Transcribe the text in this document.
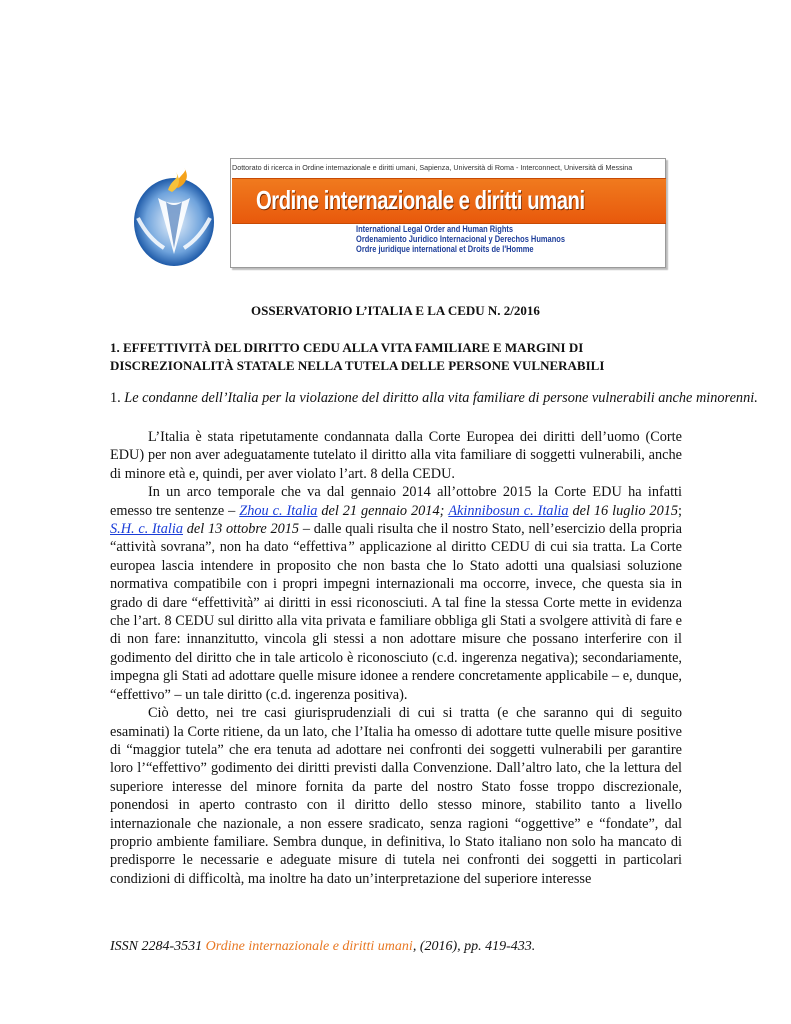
Dottorato di ricerca in Ordine internazionale e diritti umani, Sapienza, Università di Roma - Interconnect, Università di Messina
Ordine internazionale e diritti umani
International Legal Order and Human Rights
Ordenamiento Juridico Internacional y Derechos Humanos
Ordre juridique international et Droits de l'Homme
OSSERVATORIO L’ITALIA E LA CEDU N. 2/2016
1. EFFETTIVITÀ DEL DIRITTO CEDU ALLA VITA FAMILIARE E MARGINI DI DISCREZIONALITÀ STATALE NELLA TUTELA DELLE PERSONE VULNERABILI
1. Le condanne dell’Italia per la violazione del diritto alla vita familiare di persone vulnerabili anche minorenni.

L’Italia è stata ripetutamente condannata dalla Corte Europea dei diritti dell’uomo (Corte EDU) per non aver adeguatamente tutelato il diritto alla vita familiare di soggetti vulnerabili, anche di minore età e, quindi, per aver violato l’art. 8 della CEDU.

In un arco temporale che va dal gennaio 2014 all’ottobre 2015 la Corte EDU ha infatti emesso tre sentenze – Zhou c. Italia del 21 gennaio 2014; Akinnibosun c. Italia del 16 luglio 2015; S.H. c. Italia del 13 ottobre 2015 – dalle quali risulta che il nostro Stato, nell’esercizio della propria “attività sovrana”, non ha dato “effettiva” applicazione al diritto CEDU di cui sia tratta. La Corte europea lascia intendere in proposito che non basta che lo Stato adotti una qualsiasi soluzione normativa compatibile con i propri impegni internazionali ma occorre, invece, che questa sia in grado di dare “effettività” ai diritti in essi riconosciuti. A tal fine la stessa Corte mette in evidenza che l’art. 8 CEDU sul diritto alla vita privata e familiare obbliga gli Stati a svolgere attività di fare e di non fare: innanzitutto, vincola gli stessi a non adottare misure che possano interferire con il godimento del diritto che in tale articolo è riconosciuto (c.d. ingerenza negativa); secondariamente, impegna gli Stati ad adottare quelle misure idonee a rendere concretamente applicabile – e, dunque, “effettivo” – un tale diritto (c.d. ingerenza positiva).

Ciò detto, nei tre casi giurisprudenziali di cui si tratta (e che saranno qui di seguito esaminati) la Corte ritiene, da un lato, che l’Italia ha omesso di adottare tutte quelle misure positive di “maggior tutela” che era tenuta ad adottare nei confronti dei soggetti vulnerabili per garantire loro l’“effettivo” godimento dei diritti previsti dalla Convenzione. Dall’altro lato, che la lettura del superiore interesse del minore fornita da parte del nostro Stato fosse troppo discrezionale, ponendosi in aperto contrasto con il diritto dello stesso minore, stabilito tanto a livello internazionale che nazionale, a non essere sradicato, senza ragioni “oggettive” e “fondate”, dal proprio ambiente familiare. Sembra dunque, in definitiva, lo Stato italiano non solo ha mancato di predisporre le necessarie e adeguate misure di tutela nei confronti dei soggetti in particolari condizioni di difficoltà, ma inoltre ha dato un’interpretazione del superiore interesse

ISSN 2284-3531 Ordine internazionale e diritti umani, (2016), pp. 419-433.
